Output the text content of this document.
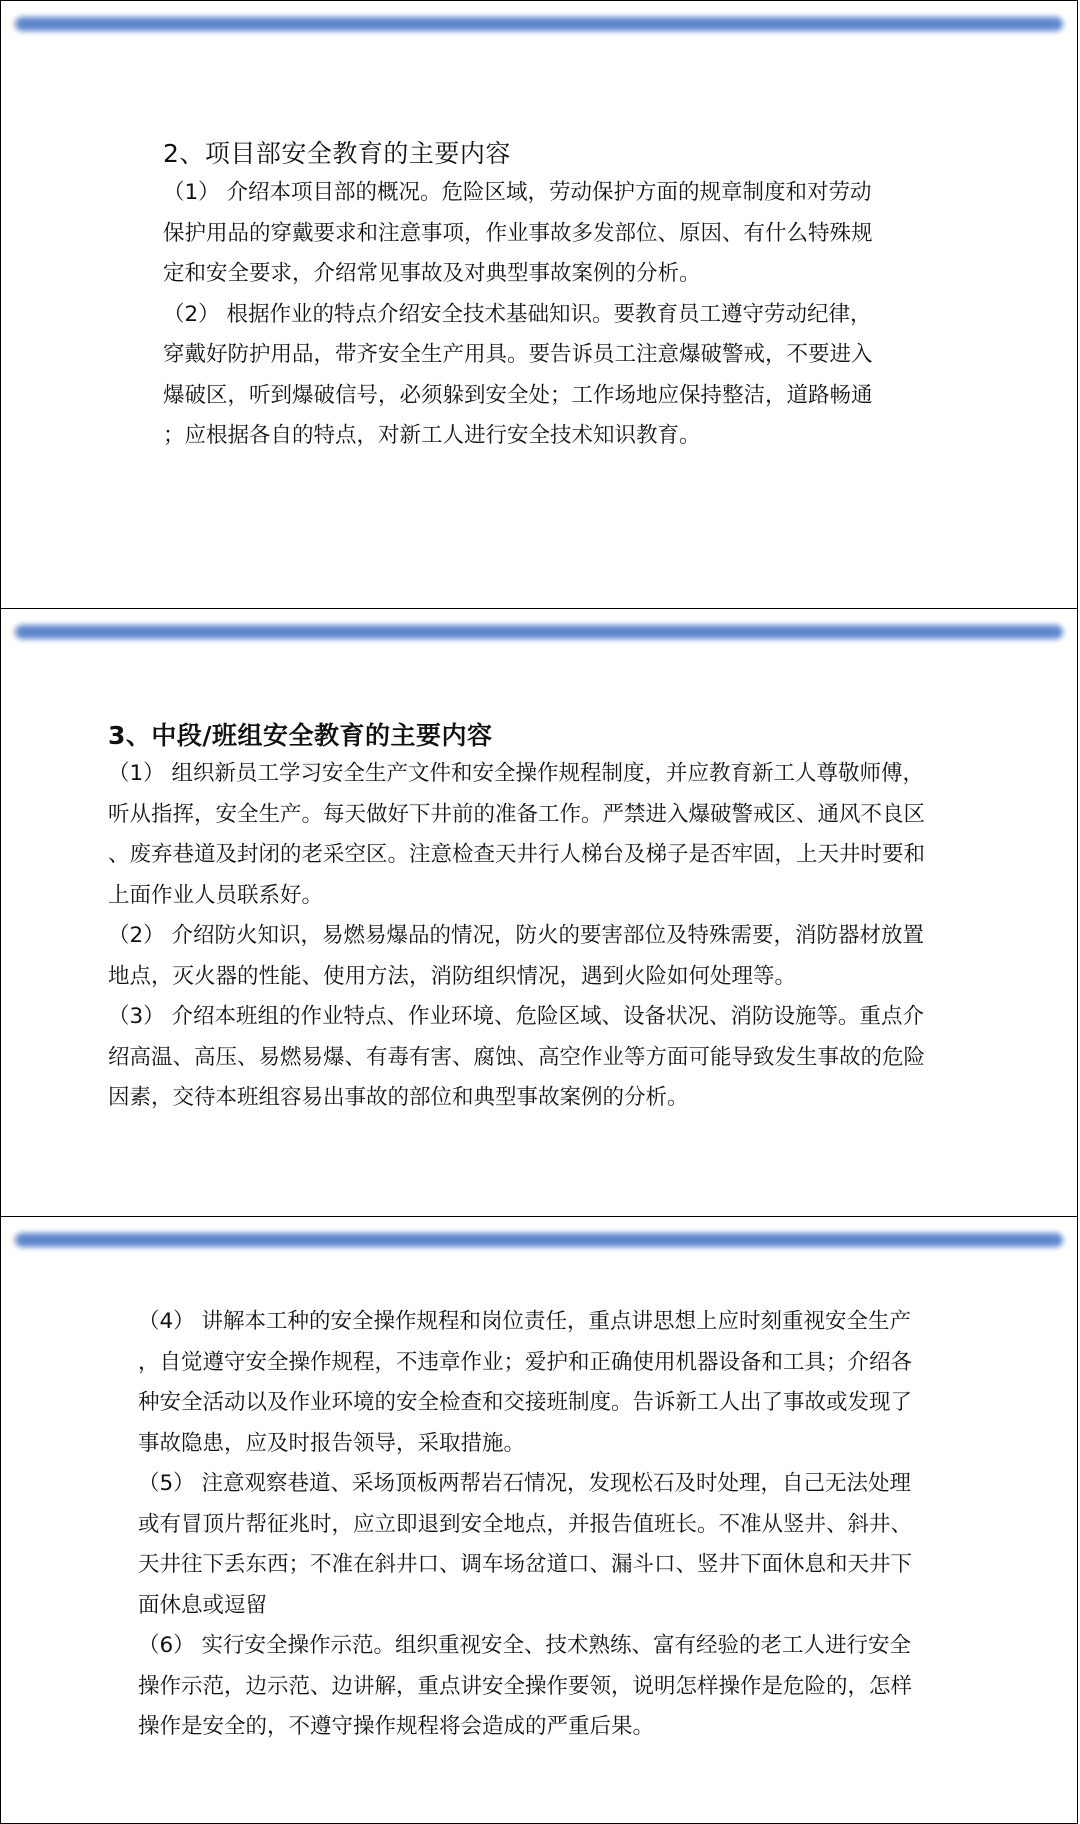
2、项目部安全教育的主要内容
（1） 介绍本项目部的概况。危险区域，劳动保护方面的规章制度和对劳动
保护用品的穿戴要求和注意事项，作业事故多发部位、原因、有什么特殊规
定和安全要求，介绍常见事故及对典型事故案例的分析。
（2） 根据作业的特点介绍安全技术基础知识。要教育员工遵守劳动纪律，
穿戴好防护用品，带齐安全生产用具。要告诉员工注意爆破警戒，不要进入
爆破区，听到爆破信号，必须躲到安全处；工作场地应保持整洁，道路畅通
；应根据各自的特点，对新工人进行安全技术知识教育。
3、中段/班组安全教育的主要内容
（1） 组织新员工学习安全生产文件和安全操作规程制度，并应教育新工人尊敬师傅，
听从指挥，安全生产。每天做好下井前的准备工作。严禁进入爆破警戒区、通风不良区
、废弃巷道及封闭的老采空区。注意检查天井行人梯台及梯子是否牢固，上天井时要和
上面作业人员联系好。
（2） 介绍防火知识，易燃易爆品的情况，防火的要害部位及特殊需要，消防器材放置
地点，灭火器的性能、使用方法，消防组织情况，遇到火险如何处理等。
（3） 介绍本班组的作业特点、作业环境、危险区域、设备状况、消防设施等。重点介
绍高温、高压、易燃易爆、有毒有害、腐蚀、高空作业等方面可能导致发生事故的危险
因素，交待本班组容易出事故的部位和典型事故案例的分析。
（4） 讲解本工种的安全操作规程和岗位责任，重点讲思想上应时刻重视安全生产
，自觉遵守安全操作规程，不违章作业；爱护和正确使用机器设备和工具；介绍各
种安全活动以及作业环境的安全检查和交接班制度。告诉新工人出了事故或发现了
事故隐患，应及时报告领导，采取措施。
（5） 注意观察巷道、采场顶板两帮岩石情况，发现松石及时处理，自己无法处理
或有冒顶片帮征兆时，应立即退到安全地点，并报告值班长。不准从竖井、斜井、
天井往下丢东西；不准在斜井口、调车场岔道口、漏斗口、竖井下面休息和天井下
面休息或逗留
（6） 实行安全操作示范。组织重视安全、技术熟练、富有经验的老工人进行安全
操作示范，边示范、边讲解，重点讲安全操作要领，说明怎样操作是危险的，怎样
操作是安全的，不遵守操作规程将会造成的严重后果。
